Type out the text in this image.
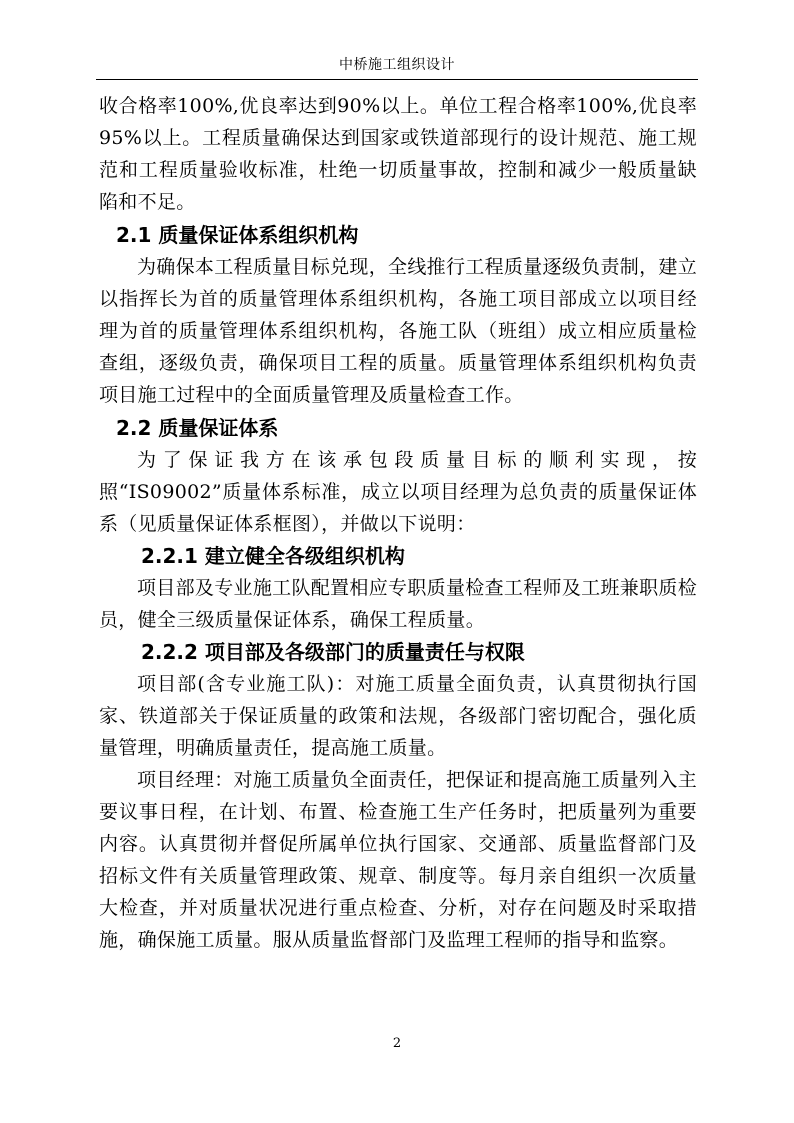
中桥施工组织设计

收合格率100%,优良率达到90%以上。单位工程合格率100%,优良率95%以上。工程质量确保达到国家或铁道部现行的设计规范、施工规范和工程质量验收标准，杜绝一切质量事故，控制和减少一般质量缺陷和不足。

2.1 质量保证体系组织机构

为确保本工程质量目标兑现，全线推行工程质量逐级负责制，建立以指挥长为首的质量管理体系组织机构，各施工项目部成立以项目经理为首的质量管理体系组织机构，各施工队（班组）成立相应质量检查组，逐级负责，确保项目工程的质量。质量管理体系组织机构负责项目施工过程中的全面质量管理及质量检查工作。

2.2 质量保证体系

为了保证我方在该承包段质量目标的顺利实现，按照“IS09002”质量体系标准，成立以项目经理为总负责的质量保证体系（见质量保证体系框图），并做以下说明：

2.2.1 建立健全各级组织机构

项目部及专业施工队配置相应专职质量检查工程师及工班兼职质检员，健全三级质量保证体系，确保工程质量。

2.2.2 项目部及各级部门的质量责任与权限

项目部(含专业施工队)：对施工质量全面负责，认真贯彻执行国家、铁道部关于保证质量的政策和法规，各级部门密切配合，强化质量管理，明确质量责任，提高施工质量。

项目经理：对施工质量负全面责任，把保证和提高施工质量列入主要议事日程，在计划、布置、检查施工生产任务时，把质量列为重要内容。认真贯彻并督促所属单位执行国家、交通部、质量监督部门及招标文件有关质量管理政策、规章、制度等。每月亲自组织一次质量大检查，并对质量状况进行重点检查、分析，对存在问题及时采取措施，确保施工质量。服从质量监督部门及监理工程师的指导和监察。

2
